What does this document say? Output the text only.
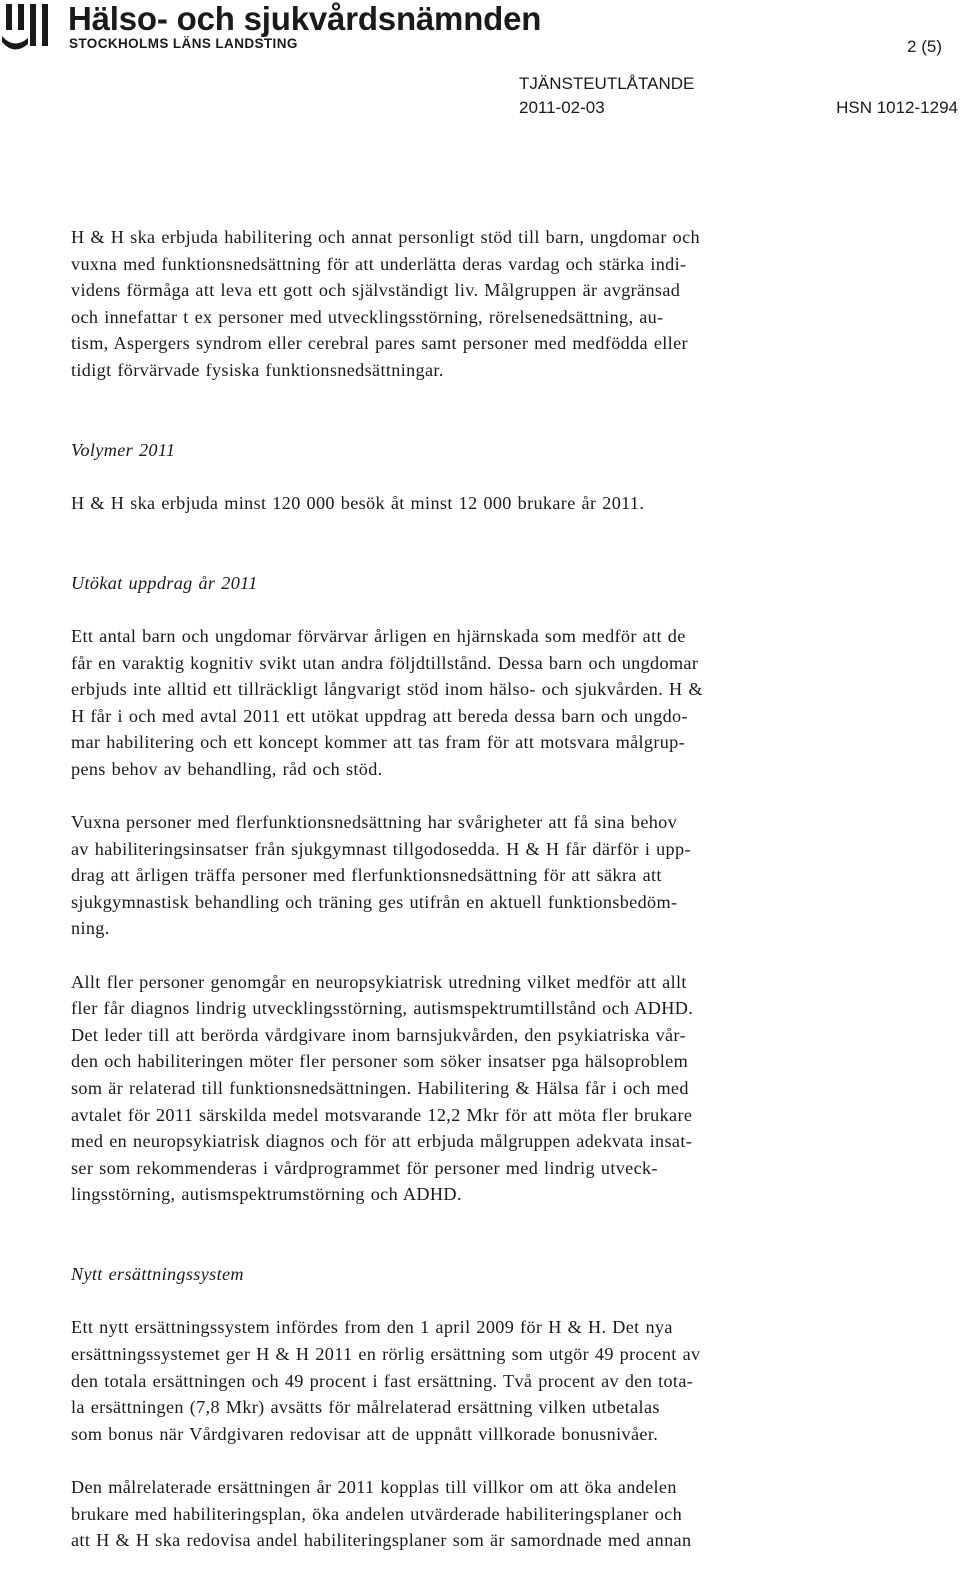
Hälso- och sjukvårdsnämnden
STOCKHOLMS LÄNS LANDSTING	2 (5)
TJÄNSTEUTLÅTANDE
2011-02-03	HSN 1012-1294

H & H ska erbjuda habilitering och annat personligt stöd till barn, ungdomar och
vuxna med funktionsnedsättning för att underlätta deras vardag och stärka indi-
videns förmåga att leva ett gott och självständigt liv. Målgruppen är avgränsad
och innefattar t ex personer med utvecklingsstörning, rörelsenedsättning, au-
tism, Aspergers syndrom eller cerebral pares samt personer med medfödda eller
tidigt förvärvade fysiska funktionsnedsättningar.

Volymer 2011

H & H ska erbjuda minst 120 000 besök åt minst 12 000 brukare år 2011.

Utökat uppdrag år 2011

Ett antal barn och ungdomar förvärvar årligen en hjärnskada som medför att de
får en varaktig kognitiv svikt utan andra följdtillstånd. Dessa barn och ungdomar
erbjuds inte alltid ett tillräckligt långvarigt stöd inom hälso- och sjukvården. H &
H får i och med avtal 2011 ett utökat uppdrag att bereda dessa barn och ungdo-
mar habilitering och ett koncept kommer att tas fram för att motsvara målgrup-
pens behov av behandling, råd och stöd.

Vuxna personer med flerfunktionsnedsättning har svårigheter att få sina behov
av habiliteringsinsatser från sjukgymnast tillgodosedda. H & H får därför i upp-
drag att årligen träffa personer med flerfunktionsnedsättning för att säkra att
sjukgymnastisk behandling och träning ges utifrån en aktuell funktionsbedöm-
ning.

Allt fler personer genomgår en neuropsykiatrisk utredning vilket medför att allt
fler får diagnos lindrig utvecklingsstörning, autismspektrumtillstånd och ADHD.
Det leder till att berörda vårdgivare inom barnsjukvården, den psykiatriska vår-
den och habiliteringen möter fler personer som söker insatser pga hälsoproblem
som är relaterad till funktionsnedsättningen. Habilitering & Hälsa får i och med
avtalet för 2011 särskilda medel motsvarande 12,2 Mkr för att möta fler brukare
med en neuropsykiatrisk diagnos och för att erbjuda målgruppen adekvata insat-
ser som rekommenderas i vårdprogrammet för personer med lindrig utveck-
lingsstörning, autismspektrumstörning och ADHD.

Nytt ersättningssystem

Ett nytt ersättningssystem infördes from den 1 april 2009 för H & H. Det nya
ersättningssystemet ger H & H 2011 en rörlig ersättning som utgör 49 procent av
den totala ersättningen och 49 procent i fast ersättning. Två procent av den tota-
la ersättningen (7,8 Mkr) avsätts för målrelaterad ersättning vilken utbetalas
som bonus när Vårdgivaren redovisar att de uppnått villkorade bonusnivåer.

Den målrelaterade ersättningen år 2011 kopplas till villkor om att öka andelen
brukare med habiliteringsplan, öka andelen utvärderade habiliteringsplaner och
att H & H ska redovisa andel habiliteringsplaner som är samordnade med annan
